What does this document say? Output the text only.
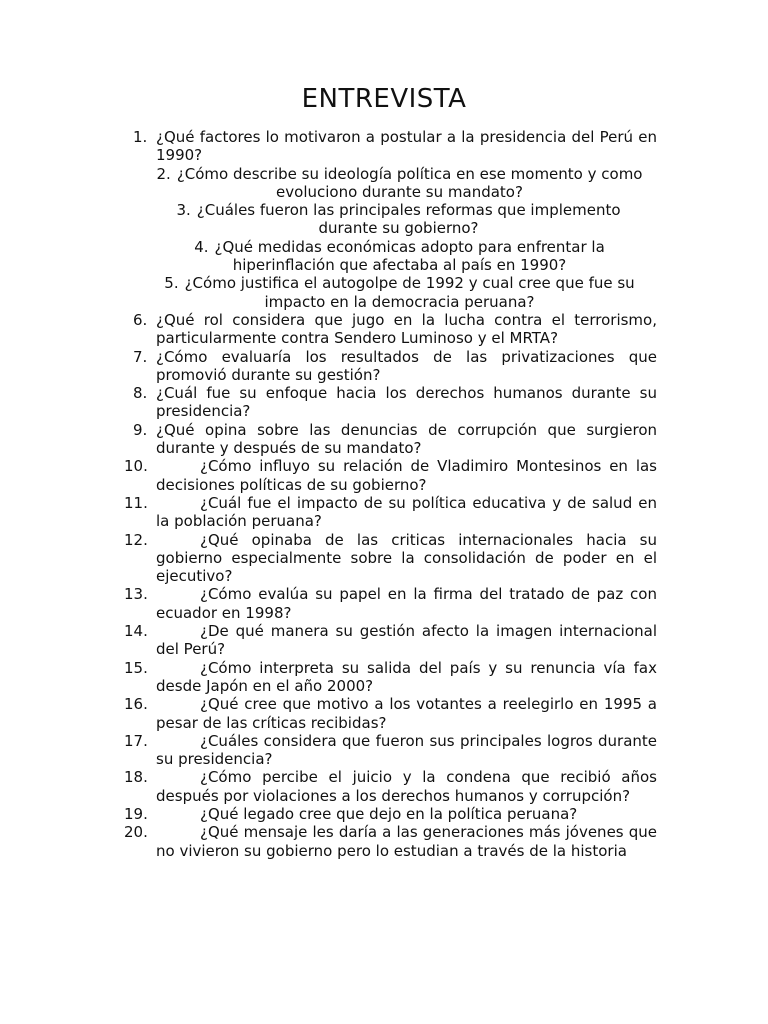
ENTREVISTA
1. ¿Qué factores lo motivaron a postular a la presidencia del Perú en 1990?
2. ¿Cómo describe su ideología política en ese momento y como evoluciono durante su mandato?
3. ¿Cuáles fueron las principales reformas que implemento durante su gobierno?
4. ¿Qué medidas económicas adopto para enfrentar la hiperinflación que afectaba al país en 1990?
5. ¿Cómo justifica el autogolpe de 1992 y cual cree que fue su impacto en la democracia peruana?
6. ¿Qué rol considera que jugo en la lucha contra el terrorismo, particularmente contra Sendero Luminoso y el MRTA?
7. ¿Cómo evaluaría los resultados de las privatizaciones que promovió durante su gestión?
8. ¿Cuál fue su enfoque hacia los derechos humanos durante su presidencia?
9. ¿Qué opina sobre las denuncias de corrupción que surgieron durante y después de su mandato?
10.	¿Cómo influyo su relación de Vladimiro Montesinos en las decisiones políticas de su gobierno?
11.	¿Cuál fue el impacto de su política educativa y de salud en la población peruana?
12.	¿Qué opinaba de las criticas internacionales hacia su gobierno especialmente sobre la consolidación de poder en el ejecutivo?
13.	¿Cómo evalúa su papel en la firma del tratado de paz con ecuador en 1998?
14.	¿De qué manera su gestión afecto la imagen internacional del Perú?
15.	¿Cómo interpreta su salida del país y su renuncia vía fax desde Japón en el año 2000?
16.	¿Qué cree que motivo a los votantes a reelegirlo en 1995 a pesar de las críticas recibidas?
17.	¿Cuáles considera que fueron sus principales logros durante su presidencia?
18.	¿Cómo percibe el juicio y la condena que recibió años después por violaciones a los derechos humanos y corrupción?
19.	¿Qué legado cree que dejo en la política peruana?
20.	¿Qué mensaje les daría a las generaciones más jóvenes que no vivieron su gobierno pero lo estudian a través de la historia
